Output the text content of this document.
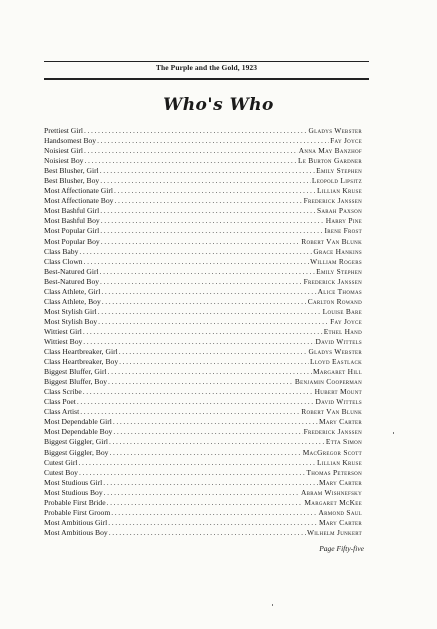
The Purple and the Gold, 1923
Who's Who
Prettiest Girl .....	Gladys Webster
Handsomest Boy .....	Fay Joyce
Noisiest Girl .....	Anna May Banzhof
Noisiest Boy .....	Le Burton Gardner
Best Blusher, Girl .....	Emily Stephen
Best Blusher, Boy .....	Leopold Lipsitz
Most Affectionate Girl .....	Lillian Kruse
Most Affectionate Boy .....	Frederick Janssen
Most Bashful Girl .....	Sarah Paxson
Most Bashful Boy .....	Harry Pine
Most Popular Girl .....	Irene Frost
Most Popular Boy .....	Robert Van Blunk
Class Baby .....	Grace Hankins
Class Clown .....	William Rogers
Best-Natured Girl .....	Emily Stephen
Best-Natured Boy .....	Frederick Janssen
Class Athlete, Girl .....	Alice Thomas
Class Athlete, Boy .....	Carlton Rowand
Most Stylish Girl .....	Louise Bare
Most Stylish Boy .....	Fay Joyce
Wittiest Girl .....	Ethel Hand
Wittiest Boy .....	David Wittels
Class Heartbreaker, Girl .....	Gladys Webster
Class Heartbreaker, Boy .....	Lloyd Eastlack
Biggest Bluffer, Girl .....	Margaret Hill
Biggest Bluffer, Boy .....	Benjamin Cooperman
Class Scribe .....	Hubert Mount
Class Poet .....	David Wittels
Class Artist .....	Robert Van Blunk
Most Dependable Girl .....	Mary Carter
Most Dependable Boy .....	Frederick Janssen
Biggest Giggler, Girl .....	Etta Simon
Biggest Giggler, Boy .....	MacGregor Scott
Cutest Girl .....	Lillian Kruse
Cutest Boy .....	Thomas Peterson
Most Studious Girl .....	Mary Carter
Most Studious Boy .....	Abram Wishnefsky
Probable First Bride .....	Margaret McKee
Probable First Groom .....	Armond Saul
Most Ambitious Girl .....	Mary Carter
Most Ambitious Boy .....	Wilhelm Junkert
Page Fifty-five
